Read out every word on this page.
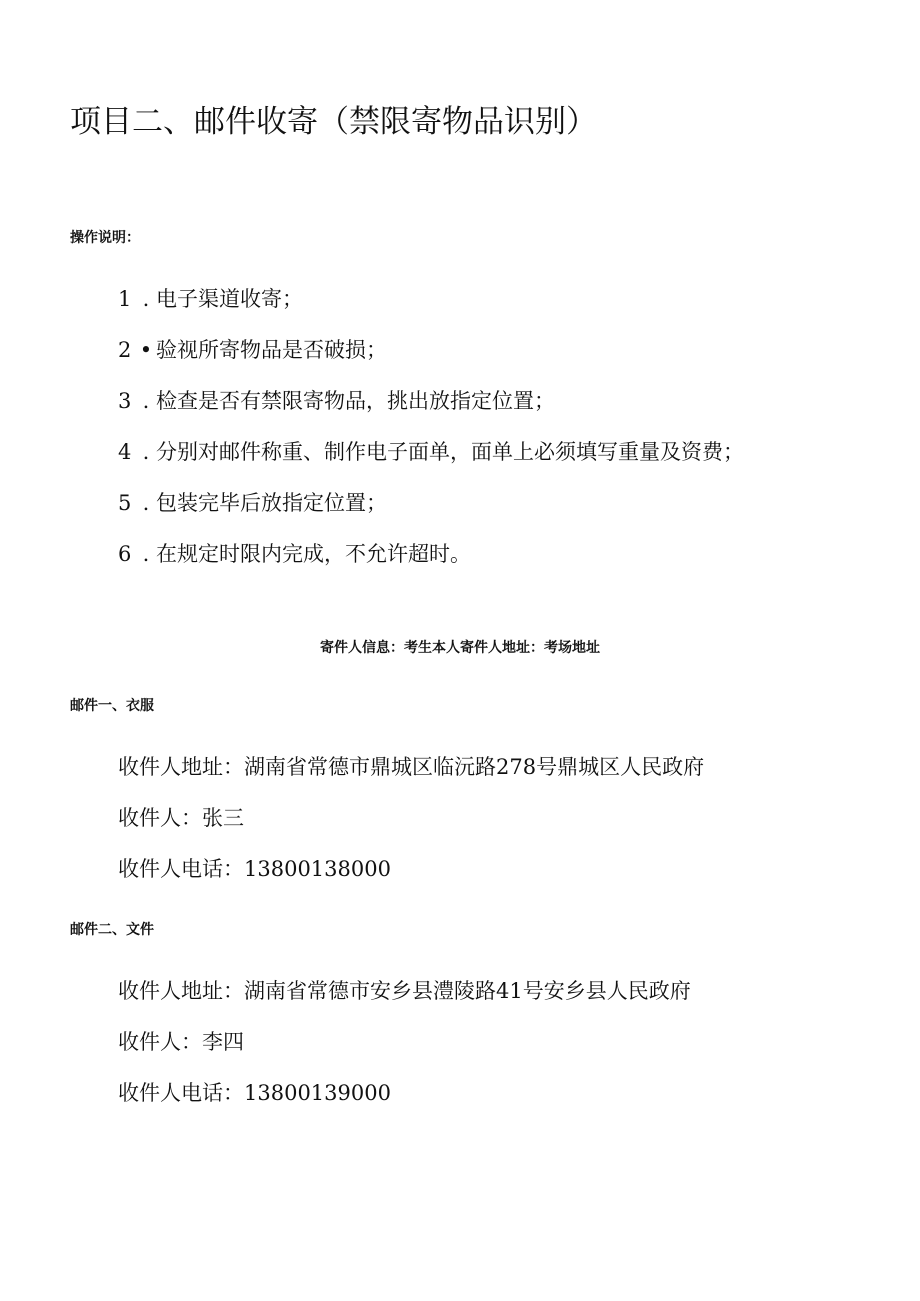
项目二、邮件收寄（禁限寄物品识别）
操作说明：
1 . 电子渠道收寄；
2 • 验视所寄物品是否破损；
3 . 检查是否有禁限寄物品，挑出放指定位置；
4 . 分别对邮件称重、制作电子面单，面单上必须填写重量及资费；
5 . 包装完毕后放指定位置；
6 . 在规定时限内完成，不允许超时。
寄件人信息：考生本人寄件人地址：考场地址
邮件一、衣服
收件人地址：湖南省常德市鼎城区临沅路278号鼎城区人民政府
收件人：张三
收件人电话：13800138000
邮件二、文件
收件人地址：湖南省常德市安乡县澧陵路41号安乡县人民政府
收件人：李四
收件人电话：13800139000
